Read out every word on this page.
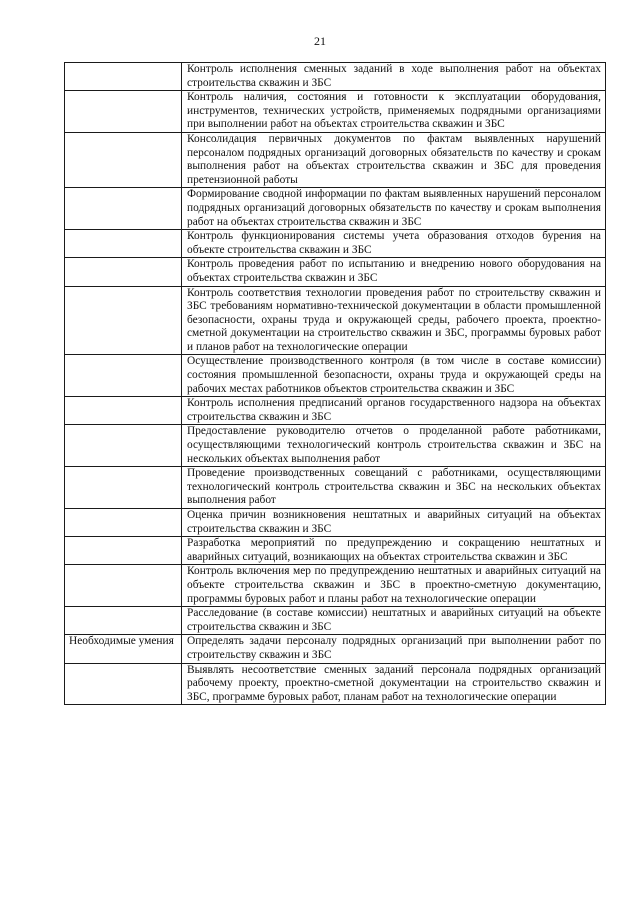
21
	Контроль исполнения сменных заданий в ходе выполнения работ на объектах строительства скважин и ЗБС
	Контроль наличия, состояния и готовности к эксплуатации оборудования, инструментов, технических устройств, применяемых подрядными организациями при выполнении работ на объектах строительства скважин и ЗБС
	Консолидация первичных документов по фактам выявленных нарушений персоналом подрядных организаций договорных обязательств по качеству и срокам выполнения работ на объектах строительства скважин и ЗБС для проведения претензионной работы
	Формирование сводной информации по фактам выявленных нарушений персоналом подрядных организаций договорных обязательств по качеству и срокам выполнения работ на объектах строительства скважин и ЗБС
	Контроль функционирования системы учета образования отходов бурения на объекте строительства скважин и ЗБС
	Контроль проведения работ по испытанию и внедрению нового оборудования на объектах строительства скважин и ЗБС
	Контроль соответствия технологии проведения работ по строительству скважин и ЗБС требованиям нормативно-технической документации в области промышленной безопасности, охраны труда и окружающей среды, рабочего проекта, проектно-сметной документации на строительство скважин и ЗБС, программы буровых работ и планов работ на технологические операции
	Осуществление производственного контроля (в том числе в составе комиссии) состояния промышленной безопасности, охраны труда и окружающей среды на рабочих местах работников объектов строительства скважин и ЗБС
	Контроль исполнения предписаний органов государственного надзора на объектах строительства скважин и ЗБС
	Предоставление руководителю отчетов о проделанной работе работниками, осуществляющими технологический контроль строительства скважин и ЗБС на нескольких объектах выполнения работ
	Проведение производственных совещаний с работниками, осуществляющими технологический контроль строительства скважин и ЗБС на нескольких объектах выполнения работ
	Оценка причин возникновения нештатных и аварийных ситуаций на объектах строительства скважин и ЗБС
	Разработка мероприятий по предупреждению и сокращению нештатных и аварийных ситуаций, возникающих на объектах строительства скважин и ЗБС
	Контроль включения мер по предупреждению нештатных и аварийных ситуаций на объекте строительства скважин и ЗБС в проектно-сметную документацию, программы буровых работ и планы работ на технологические операции
	Расследование (в составе комиссии) нештатных и аварийных ситуаций на объекте строительства скважин и ЗБС
Необходимые умения	Определять задачи персоналу подрядных организаций при выполнении работ по строительству скважин и ЗБС
	Выявлять несоответствие сменных заданий персонала подрядных организаций рабочему проекту, проектно-сметной документации на строительство скважин и ЗБС, программе буровых работ, планам работ на технологические операции
